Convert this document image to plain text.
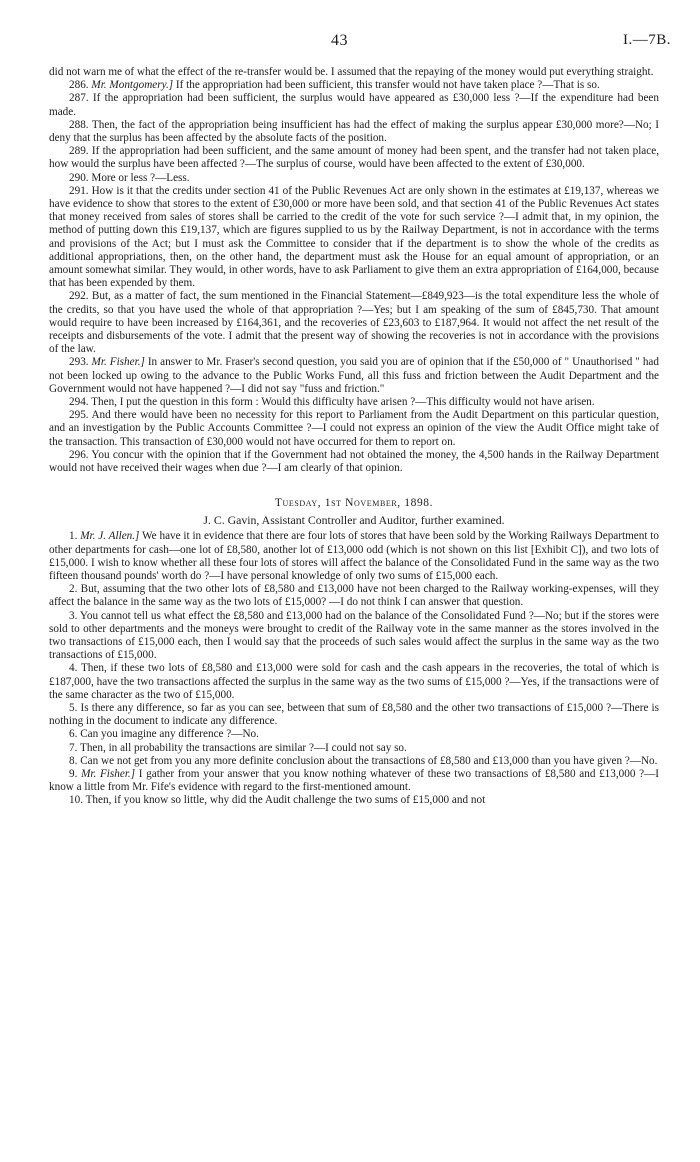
43	I.—7B.

did not warn me of what the effect of the re-transfer would be. I assumed that the repaying of the money would put everything straight.

286. Mr. Montgomery.] If the appropriation had been sufficient, this transfer would not have taken place ?—That is so.

287. If the appropriation had been sufficient, the surplus would have appeared as £30,000 less ?—If the expenditure had been made.

288. Then, the fact of the appropriation being insufficient has had the effect of making the surplus appear £30,000 more?—No; I deny that the surplus has been affected by the absolute facts of the position.

289. If the appropriation had been sufficient, and the same amount of money had been spent, and the transfer had not taken place, how would the surplus have been affected ?—The surplus of course, would have been affected to the extent of £30,000.

290. More or less ?—Less.

291. How is it that the credits under section 41 of the Public Revenues Act are only shown in the estimates at £19,137, whereas we have evidence to show that stores to the extent of £30,000 or more have been sold, and that section 41 of the Public Revenues Act states that money received from sales of stores shall be carried to the credit of the vote for such service ?—I admit that, in my opinion, the method of putting down this £19,137, which are figures supplied to us by the Railway Department, is not in accordance with the terms and provisions of the Act; but I must ask the Committee to consider that if the department is to show the whole of the credits as additional appropriations, then, on the other hand, the department must ask the House for an equal amount of appropriation, or an amount somewhat similar. They would, in other words, have to ask Parliament to give them an extra appropriation of £164,000, because that has been expended by them.

292. But, as a matter of fact, the sum mentioned in the Financial Statement—£849,923—is the total expenditure less the whole of the credits, so that you have used the whole of that appropriation ?—Yes; but I am speaking of the sum of £845,730. That amount would require to have been increased by £164,361, and the recoveries of £23,603 to £187,964. It would not affect the net result of the receipts and disbursements of the vote. I admit that the present way of showing the recoveries is not in accordance with the provisions of the law.

293. Mr. Fisher.] In answer to Mr. Fraser's second question, you said you are of opinion that if the £50,000 of " Unauthorised " had not been locked up owing to the advance to the Public Works Fund, all this fuss and friction between the Audit Department and the Government would not have happened ?—I did not say "fuss and friction."

294. Then, I put the question in this form : Would this difficulty have arisen ?—This difficulty would not have arisen.

295. And there would have been no necessity for this report to Parliament from the Audit Department on this particular question, and an investigation by the Public Accounts Committee ?—I could not express an opinion of the view the Audit Office might take of the transaction. This transaction of £30,000 would not have occurred for them to report on.

296. You concur with the opinion that if the Government had not obtained the money, the 4,500 hands in the Railway Department would not have received their wages when due ?—I am clearly of that opinion.

Tuesday, 1st November, 1898.
J. C. Gavin, Assistant Controller and Auditor, further examined.

1. Mr. J. Allen.] We have it in evidence that there are four lots of stores that have been sold by the Working Railways Department to other departments for cash—one lot of £8,580, another lot of £13,000 odd (which is not shown on this list [Exhibit C]), and two lots of £15,000. I wish to know whether all these four lots of stores will affect the balance of the Consolidated Fund in the same way as the two fifteen thousand pounds' worth do ?—I have personal knowledge of only two sums of £15,000 each.

2. But, assuming that the two other lots of £8,580 and £13,000 have not been charged to the Railway working-expenses, will they affect the balance in the same way as the two lots of £15,000? —I do not think I can answer that question.

3. You cannot tell us what effect the £8,580 and £13,000 had on the balance of the Consolidated Fund ?—No; but if the stores were sold to other departments and the moneys were brought to credit of the Railway vote in the same manner as the stores involved in the two transactions of £15,000 each, then I would say that the proceeds of such sales would affect the surplus in the same way as the two transactions of £15,000.

4. Then, if these two lots of £8,580 and £13,000 were sold for cash and the cash appears in the recoveries, the total of which is £187,000, have the two transactions affected the surplus in the same way as the two sums of £15,000 ?—Yes, if the transactions were of the same character as the two of £15,000.

5. Is there any difference, so far as you can see, between that sum of £8,580 and the other two transactions of £15,000 ?—There is nothing in the document to indicate any difference.

6. Can you imagine any difference ?—No.

7. Then, in all probability the transactions are similar ?—I could not say so.

8. Can we not get from you any more definite conclusion about the transactions of £8,580 and £13,000 than you have given ?—No.

9. Mr. Fisher.] I gather from your answer that you know nothing whatever of these two transactions of £8,580 and £13,000 ?—I know a little from Mr. Fife's evidence with regard to the first-mentioned amount.

10. Then, if you know so little, why did the Audit challenge the two sums of £15,000 and not
